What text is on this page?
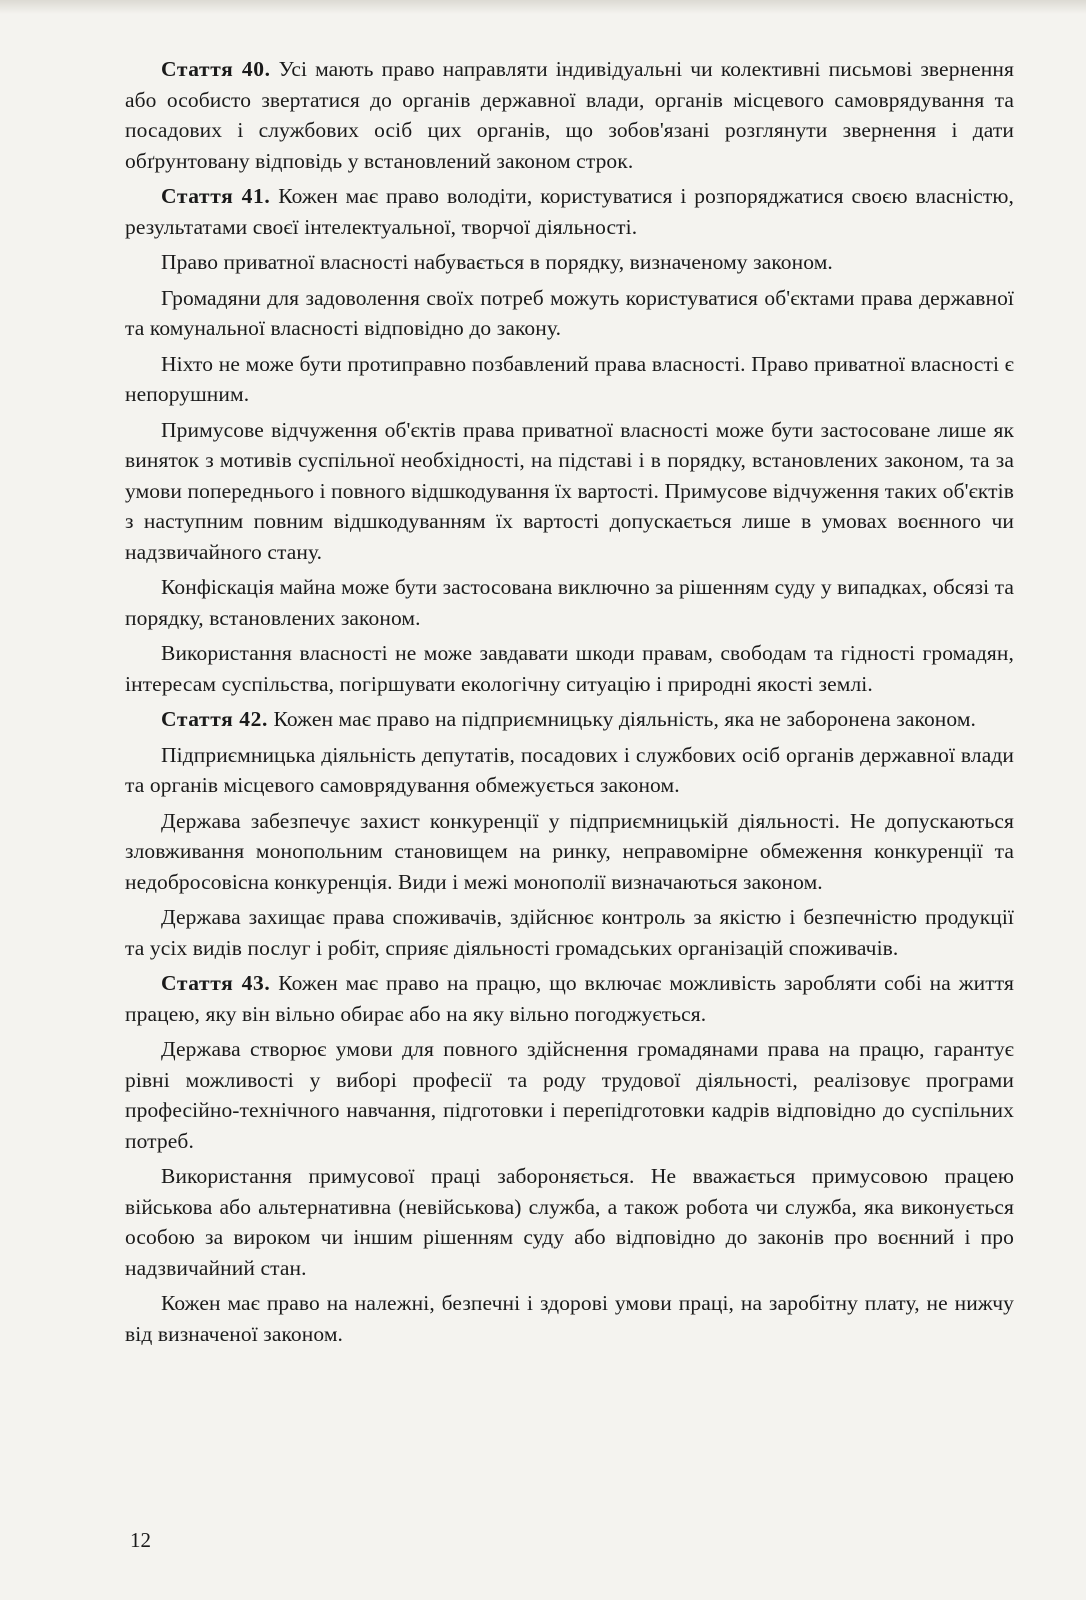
Стаття 40. Усі мають право направляти індивідуальні чи колективні письмові звернення або особисто звертатися до органів державної влади, органів місцевого самоврядування та посадових і службових осіб цих органів, що зобов'язані розглянути звернення і дати обґрунтовану відповідь у встановлений законом строк.

Стаття 41. Кожен має право володіти, користуватися і розпоряджатися своєю власністю, результатами своєї інтелектуальної, творчої діяльності.

Право приватної власності набувається в порядку, визначеному законом.

Громадяни для задоволення своїх потреб можуть користуватися об'єктами права державної та комунальної власності відповідно до закону.

Ніхто не може бути протиправно позбавлений права власності. Право приватної власності є непорушним.

Примусове відчуження об'єктів права приватної власності може бути застосоване лише як виняток з мотивів суспільної необхідності, на підставі і в порядку, встановлених законом, та за умови попереднього і повного відшкодування їх вартості. Примусове відчуження таких об'єктів з наступним повним відшкодуванням їх вартості допускається лише в умовах воєнного чи надзвичайного стану.

Конфіскація майна може бути застосована виключно за рішенням суду у випадках, обсязі та порядку, встановлених законом.

Використання власності не може завдавати шкоди правам, свободам та гідності громадян, інтересам суспільства, погіршувати екологічну ситуацію і природні якості землі.

Стаття 42. Кожен має право на підприємницьку діяльність, яка не заборонена законом.

Підприємницька діяльність депутатів, посадових і службових осіб органів державної влади та органів місцевого самоврядування обмежується законом.

Держава забезпечує захист конкуренції у підприємницькій діяльності. Не допускаються зловживання монопольним становищем на ринку, неправомірне обмеження конкуренції та недобросовісна конкуренція. Види і межі монополії визначаються законом.

Держава захищає права споживачів, здійснює контроль за якістю і безпечністю продукції та усіх видів послуг і робіт, сприяє діяльності громадських організацій споживачів.

Стаття 43. Кожен має право на працю, що включає можливість заробляти собі на життя працею, яку він вільно обирає або на яку вільно погоджується.

Держава створює умови для повного здійснення громадянами права на працю, гарантує рівні можливості у виборі професії та роду трудової діяльності, реалізовує програми професійно-технічного навчання, підготовки і перепідготовки кадрів відповідно до суспільних потреб.

Використання примусової праці забороняється. Не вважається примусовою працею військова або альтернативна (невійськова) служба, а також робота чи служба, яка виконується особою за вироком чи іншим рішенням суду або відповідно до законів про воєнний і про надзвичайний стан.

Кожен має право на належні, безпечні і здорові умови праці, на заробітну плату, не нижчу від визначеної законом.

12
